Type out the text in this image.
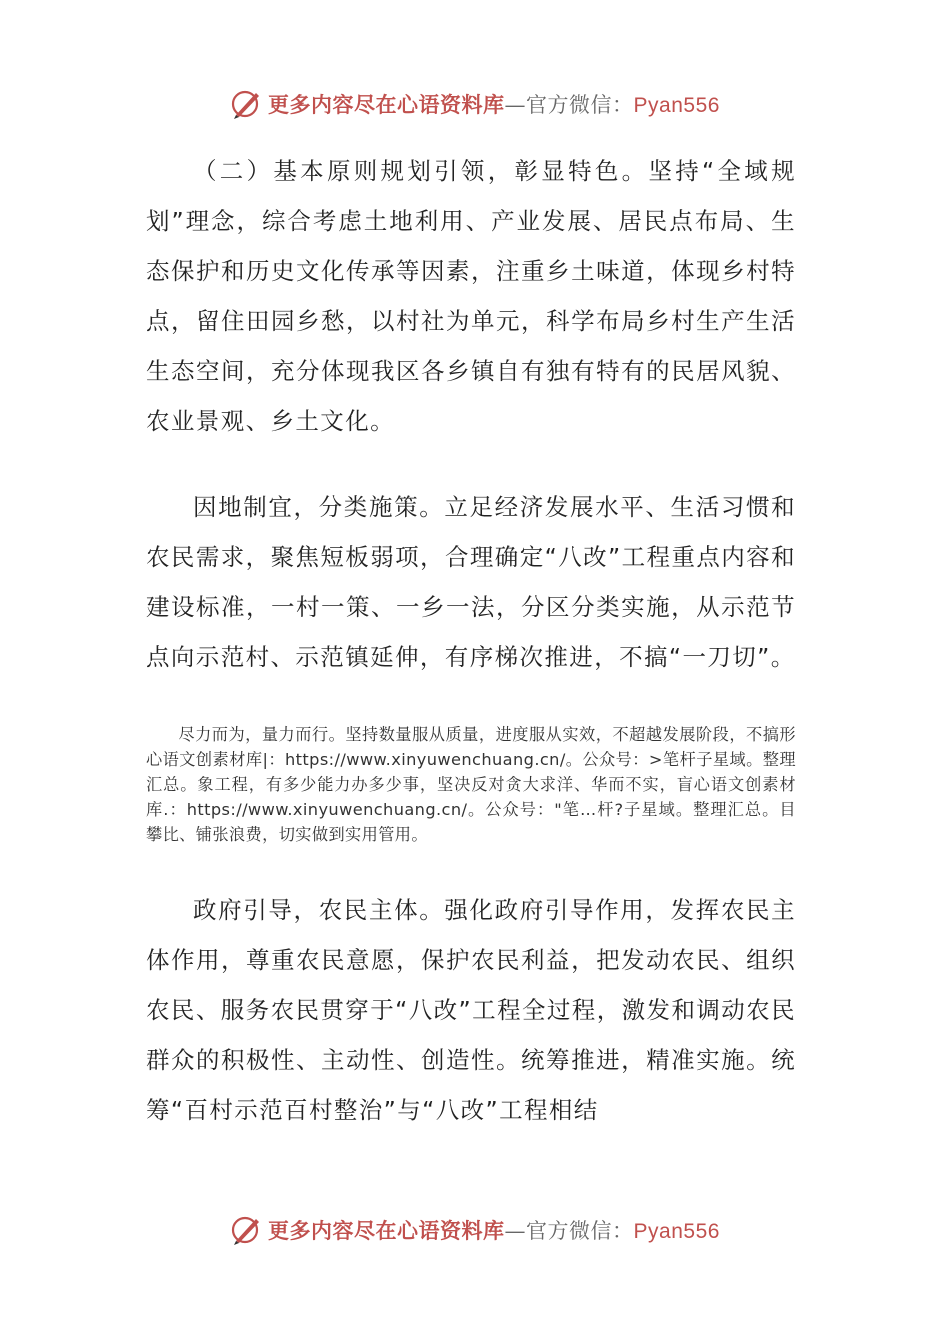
更多内容尽在心语资料库—官方微信：Pyan556

（二）基本原则规划引领，彰显特色。坚持“全域规划”理念，综合考虑土地利用、产业发展、居民点布局、生态保护和历史文化传承等因素，注重乡土味道，体现乡村特点，留住田园乡愁，以村社为单元，科学布局乡村生产生活生态空间，充分体现我区各乡镇自有独有特有的民居风貌、农业景观、乡土文化。

因地制宜，分类施策。立足经济发展水平、生活习惯和农民需求，聚焦短板弱项，合理确定“八改”工程重点内容和建设标准，一村一策、一乡一法，分区分类实施，从示范节点向示范村、示范镇延伸，有序梯次推进，不搞“一刀切”。

尽力而为，量力而行。坚持数量服从质量，进度服从实效，不超越发展阶段，不搞形心语文创素材库|：https://www.xinyuwenchuang.cn/。公众号：>笔杆子星域。整理汇总。象工程，有多少能力办多少事，坚决反对贪大求洋、华而不实，盲心语文创素材库.：https://www.xinyuwenchuang.cn/。公众号："笔…杆?子星域。整理汇总。目攀比、铺张浪费，切实做到实用管用。

政府引导，农民主体。强化政府引导作用，发挥农民主体作用，尊重农民意愿，保护农民利益，把发动农民、组织农民、服务农民贯穿于“八改”工程全过程，激发和调动农民群众的积极性、主动性、创造性。统筹推进，精准实施。统筹“百村示范百村整治”与“八改”工程相结

更多内容尽在心语资料库—官方微信：Pyan556
